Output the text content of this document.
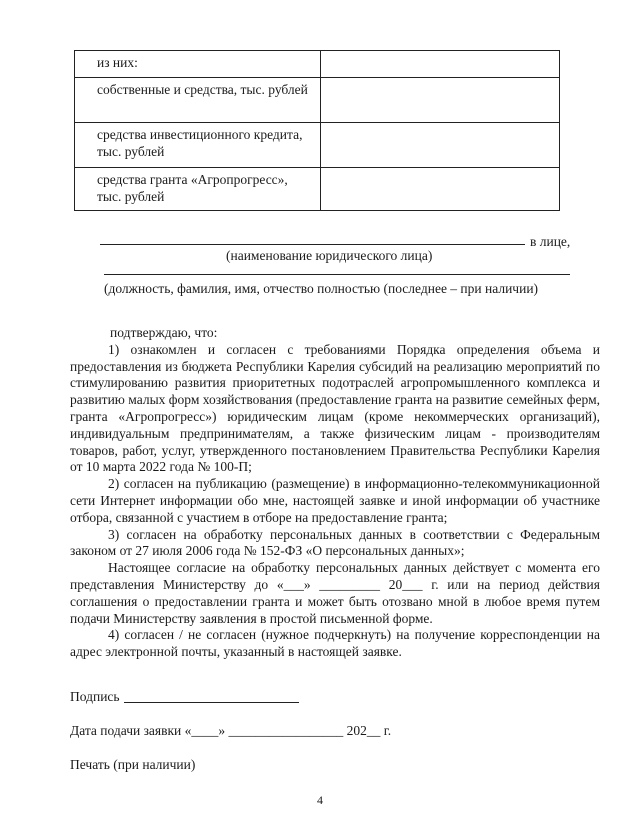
из них:	
собственные и средства, тыс. рублей	
средства инвестиционного кредита, тыс. рублей	
средства гранта «Агропрогресс», тыс. рублей	
в лице,
(наименование юридического лица)
(должность, фамилия, имя, отчество полностью (последнее – при наличии)

подтверждаю, что:

1) ознакомлен и согласен с требованиями Порядка определения объема и предоставления из бюджета Республики Карелия субсидий на реализацию мероприятий по стимулированию развития приоритетных подотраслей агропромышленного комплекса и развитию малых форм хозяйствования (предоставление гранта на развитие семейных ферм, гранта «Агропрогресс») юридическим лицам (кроме некоммерческих организаций), индивидуальным предпринимателям, а также физическим лицам - производителям товаров, работ, услуг, утвержденного постановлением Правительства Республики Карелия от 10 марта 2022 года № 100-П;

2) согласен на публикацию (размещение) в информационно-телекоммуникационной сети Интернет информации обо мне, настоящей заявке и иной информации об участнике отбора, связанной с участием в отборе на предоставление гранта;

3) согласен на обработку персональных данных в соответствии с Федеральным законом от 27 июля 2006 года № 152-ФЗ «О персональных данных»;

Настоящее согласие на обработку персональных данных действует с момента его представления Министерству до «___» _________ 20___ г. или на период действия соглашения о предоставлении гранта и может быть отозвано мной в любое время путем подачи Министерству заявления в простой письменной форме.

4) согласен / не согласен (нужное подчеркнуть) на получение корреспонденции на адрес электронной почты, указанный в настоящей заявке.

Подпись
Дата подачи заявки «____» _________________ 202__ г.
Печать (при наличии)
4
